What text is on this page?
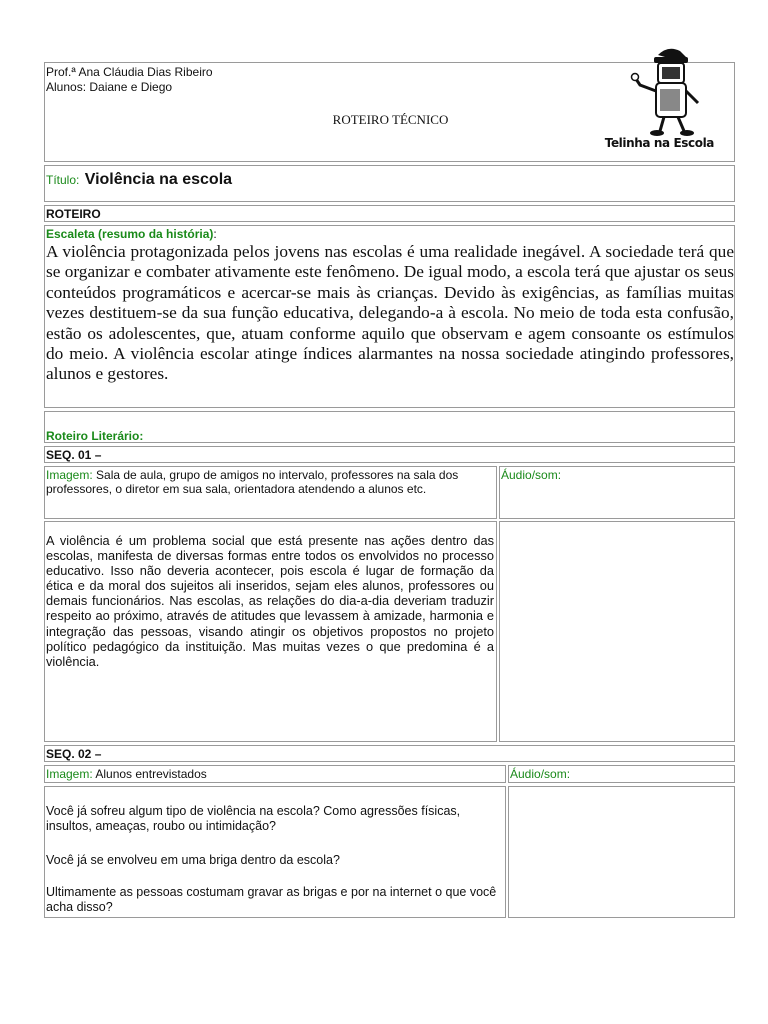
Prof.ª Ana Cláudia Dias Ribeiro
Alunos: Daiane e Diego
ROTEIRO TÉCNICO
Telinha na Escola
Título: Violência na escola
ROTEIRO
Escaleta (resumo da história):
A violência protagonizada pelos jovens nas escolas é uma realidade inegável. A sociedade terá que se organizar e combater ativamente este fenômeno. De igual modo, a escola terá que ajustar os seus conteúdos programáticos e acercar-se mais às crianças. Devido às exigências, as famílias muitas vezes destituem-se da sua função educativa, delegando-a à escola. No meio de toda esta confusão, estão os adolescentes, que, atuam conforme aquilo que observam e agem consoante os estímulos do meio. A violência escolar atinge índices alarmantes na nossa sociedade atingindo professores, alunos e gestores.
Roteiro Literário:
SEQ. 01 –
Imagem: Sala de aula, grupo de amigos no intervalo, professores na sala dos professores, o diretor em sua sala, orientadora atendendo a alunos etc.
Áudio/som:
A violência é um problema social que está presente nas ações dentro das escolas, manifesta de diversas formas entre todos os envolvidos no processo educativo. Isso não deveria acontecer, pois escola é lugar de formação da ética e da moral dos sujeitos ali inseridos, sejam eles alunos, professores ou demais funcionários. Nas escolas, as relações do dia-a-dia deveriam traduzir respeito ao próximo, através de atitudes que levassem à amizade, harmonia e integração das pessoas, visando atingir os objetivos propostos no projeto político pedagógico da instituição. Mas muitas vezes o que predomina é a violência.
SEQ. 02 –
Imagem: Alunos entrevistados	Áudio/som:
Você já sofreu algum tipo de violência na escola? Como agressões físicas, insultos, ameaças, roubo ou intimidação?
Você já se envolveu em uma briga dentro da escola?
Ultimamente as pessoas costumam gravar as brigas e por na internet o que você acha disso?
